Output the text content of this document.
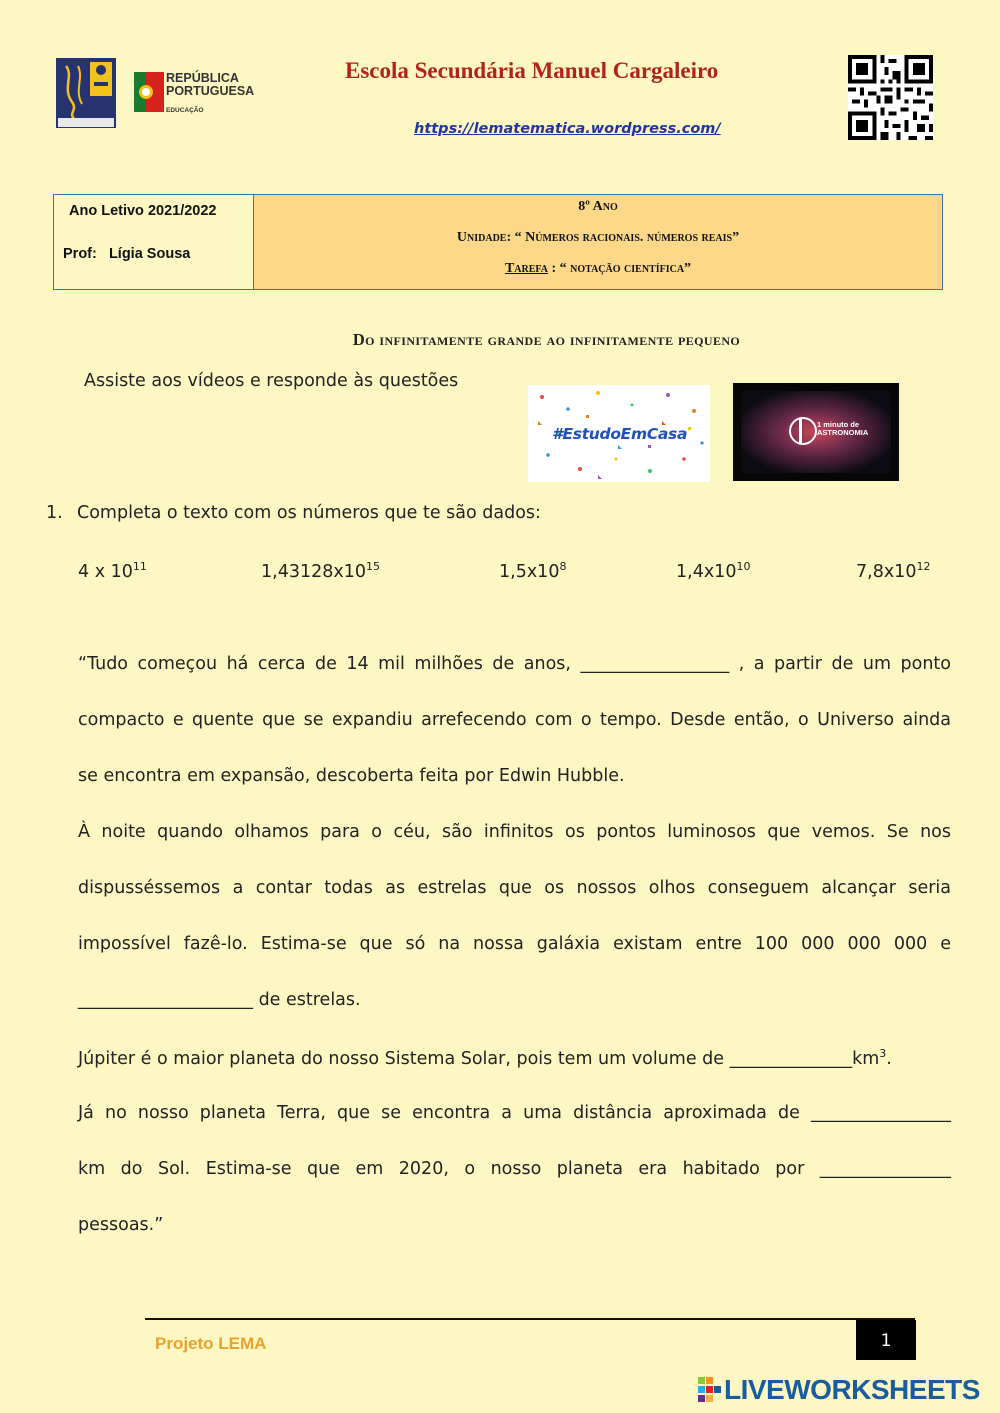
REPÚBLICA
PORTUGUESA
EDUCAÇÃO
Escola Secundária Manuel Cargaleiro
https://lematematica.wordpress.com/
Ano Letivo 2021/2022
Prof: Lígia Sousa
8º Ano
Unidade: “ Números racionais. números reais”
Tarefa : “ notação científica”
Do infinitamente grande ao infinitamente pequeno
Assiste aos vídeos e responde às questões
#EstudoEmCasa
1 minuto de ASTRONOMIA
1. Completa o texto com os números que te são dados:
4 x $10^{11}$	$1,43128x10^{15}$	$1,5x10^8$	$1,4x10^{10}$	$7,8x10^{12}$
“Tudo começou há cerca de 14 mil milhões de anos, _________________ , a partir de um ponto
compacto e quente que se expandiu arrefecendo com o tempo. Desde então, o Universo ainda
se encontra em expansão, descoberta feita por Edwin Hubble.
À noite quando olhamos para o céu, são infinitos os pontos luminosos que vemos. Se nos
dispusséssemos a contar todas as estrelas que os nossos olhos conseguem alcançar seria
impossível fazê-lo. Estima-se que só na nossa galáxia existam entre 100 000 000 000 e
____________________ de estrelas.
Júpiter é o maior planeta do nosso Sistema Solar, pois tem um volume de $\_\_\_\_\_\_\_\_\_\_\_\_\_\_km^3$.
Já no nosso planeta Terra, que se encontra a uma distância aproximada de ________________
km do Sol. Estima-se que em 2020, o nosso planeta era habitado por _______________
pessoas.”
Projeto LEMA	1
LIVEWORKSHEETS
